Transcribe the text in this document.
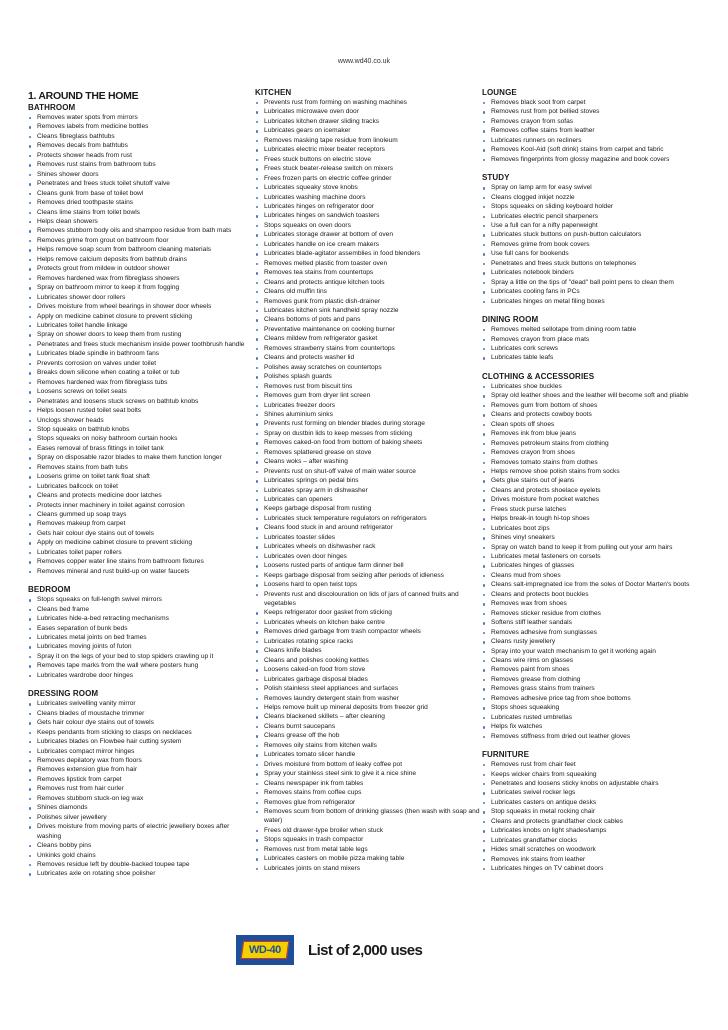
www.wd40.co.uk
1. AROUND THE HOME
BATHROOM
Removes water spots from mirrors
Removes labels from medicine bottles
Cleans fibreglass bathtubs
Removes decals from bathtubs
Protects shower heads from rust
Removes rust stains from bathroom tubs
Shines shower doors
Penetrates and frees stuck toilet shutoff valve
Cleans gunk from base of toilet bowl
Removes dried toothpaste stains
Cleans lime stains from toilet bowls
Helps clean showers
Removes stubborn body oils and shampoo residue from bath mats
Removes grime from grout on bathroom floor
Helps remove soap scum from bathroom cleaning materials
Helps remove calcium deposits from bathtub drains
Protects grout from mildew in outdoor shower
Removes hardened wax from fibreglass showers
Spray on bathroom mirror to keep it from fogging
Lubricates shower door rollers
Drives moisture from wheel bearings in shower door wheels
Apply on medicine cabinet closure to prevent sticking
Lubricates toilet handle linkage
Spray on shower doors to keep them from rusting
Penetrates and frees stuck mechanism inside power toothbrush handle
Lubricates blade spindle in bathroom fans
Prevents corrosion on valves under toilet
Breaks down silicone when coating a toilet or tub
Removes hardened wax from fibreglass tubs
Loosens screws on toilet seats
Penetrates and loosens stuck screws on bathtub knobs
Helps loosen rusted toilet seat bolts
Unclogs shower heads
Stop squeaks on bathtub knobs
Stops squeaks on noisy bathroom curtain hooks
Eases removal of brass fittings in toilet tank
Spray on disposable razor blades to make them function longer
Removes stains from bath tubs
Loosens grime on toilet tank float shaft
Lubricates ballcock on toilet
Cleans and protects medicine door latches
Protects inner machinery in toilet against corrosion
Cleans gummed up soap trays
Removes makeup from carpet
Gets hair colour dye stains out of towels
Apply on medicine cabinet closure to prevent sticking
Lubricates toilet paper rollers
Removes copper water line stains from bathroom fixtures
Removes mineral and rust build-up on water faucets
BEDROOM
Stops squeaks on full-length swivel mirrors
Cleans bed frame
Lubricates hide-a-bed retracting mechanisms
Eases separation of bunk beds
Lubricates metal joints on bed frames
Lubricates moving joints of futon
Spray it on the legs of your bed to stop spiders crawling up it
Removes tape marks from the wall where posters hung
Lubricates wardrobe door hinges
DRESSING ROOM
Lubricates swivelling vanity mirror
Cleans blades of moustache trimmer
Gets hair colour dye stains out of towels
Keeps pendants from sticking to clasps on necklaces
Lubricates blades on Flowbee hair cutting system
Lubricates compact mirror hinges
Removes depilatory wax from floors
Removes extension glue from hair
Removes lipstick from carpet
Removes rust from hair curler
Removes stubborn stuck-on leg wax
Shines diamonds
Polishes silver jewellery
Drives moisture from moving parts of electric jewellery boxes after washing
Cleans bobby pins
Unkinks gold chains
Removes residue left by double-backed toupee tape
Lubricates axle on rotating shoe polisher
KITCHEN
Prevents rust from forming on washing machines
Lubricates microwave oven door
Lubricates kitchen drawer sliding tracks
Lubricates gears on icemaker
Removes masking tape residue from linoleum
Lubricates electric mixer beater receptors
Frees stuck buttons on electric stove
Frees stuck beater-release switch on mixers
Frees frozen parts on electric coffee grinder
Lubricates squeaky stove knobs
Lubricates washing machine doors
Lubricates hinges on refrigerator door
Lubricates hinges on sandwich toasters
Stops squeaks on oven doors
Lubricates storage drawer at bottom of oven
Lubricates handle on ice cream makers
Lubricates blade-agitator assemblies in food blenders
Removes melted plastic from toaster oven
Removes tea stains from countertops
Cleans and protects antique kitchen tools
Cleans old muffin tins
Removes gunk from plastic dish-drainer
Lubricates kitchen sink handheld spray nozzle
Cleans bottoms of pots and pans
Preventative maintenance on cooking burner
Cleans mildew from refrigerator gasket
Removes strawberry stains from countertops
Cleans and protects washer lid
Polishes away scratches on countertops
Polishes splash guards
Removes rust from biscuit tins
Removes gum from dryer lint screen
Lubricates freezer doors
Shines aluminium sinks
Prevents rust forming on blender blades during storage
Spray on dustbin lids to keep messes from sticking
Removes caked-on food from bottom of baking sheets
Removes splattered grease on stove
Cleans woks – after washing
Prevents rust on shut-off valve of main water source
Lubricates springs on pedal bins
Lubricates spray arm in dishwasher
Lubricates can openers
Keeps garbage disposal from rusting
Lubricates stuck temperature regulators on refrigerators
Cleans food stuck in and around refrigerator
Lubricates toaster slides
Lubricates wheels on dishwasher rack
Lubricates oven door hinges
Loosens rusted parts of antique farm dinner bell
Keeps garbage disposal from seizing after periods of idleness
Loosens hard to open twist tops
Prevents rust and discolouration on lids of jars of canned fruits and vegetables
Keeps refrigerator door gasket from sticking
Lubricates wheels on kitchen bake centre
Removes dried garbage from trash compactor wheels
Lubricates rotating spice racks
Cleans knife blades
Cleans and polishes cooking kettles
Loosens caked-on food from stove
Lubricates garbage disposal blades
Polish stainless steel appliances and surfaces
Removes laundry detergent stain from washer
Helps remove built up mineral deposits from freezer grid
Cleans blackened skillets – after cleaning
Cleans burnt saucepans
Cleans grease off the hob
Removes oily stains from kitchen walls
Lubricates tomato slicer handle
Drives moisture from bottom of leaky coffee pot
Spray your stainless steel sink to give it a nice shine
Cleans newspaper ink from tables
Removes stains from coffee cups
Removes glue from refrigerator
Removes scum from bottom of drinking glasses (then wash with soap and water)
Frees old drawer-type broiler when stuck
Stops squeaks in trash compactor
Removes rust from metal table legs
Lubricates casters on mobile pizza making table
Lubricates joints on stand mixers
LOUNGE
Removes black soot from carpet
Removes rust from pot bellied stoves
Removes crayon from sofas
Removes coffee stains from leather
Lubricates runners on recliners
Removes Kool-Aid (soft drink) stains from carpet and fabric
Removes fingerprints from glossy magazine and book covers
STUDY
Spray on lamp arm for easy swivel
Cleans clogged inkjet nozzle
Stops squeaks on sliding keyboard holder
Lubricates electric pencil sharpeners
Use a full can for a nifty paperweight
Lubricates stuck buttons on push-button calculators
Removes grime from book covers
Use full cans for bookends
Penetrates and frees stuck buttons on telephones
Lubricates notebook binders
Spray a little on the tips of "dead" ball point pens to clean them
Lubricates cooling fans in PCs
Lubricates hinges on metal filing boxes
DINING ROOM
Removes melted sellotape from dining room table
Removes crayon from place mats
Lubricates cork screws
Lubricates table leafs
CLOTHING & ACCESSORIES
Lubricates shoe buckles
Spray old leather shoes and the leather will become soft and pliable
Removes gum from bottom of shoes
Cleans and protects cowboy boots
Clean spots off shoes
Removes ink from blue jeans
Removes petroleum stains from clothing
Removes crayon from shoes
Removes tomato stains from clothes
Helps remove shoe polish stains from socks
Gets glue stains out of jeans
Cleans and protects shoelace eyelets
Drives moisture from pocket watches
Frees stuck purse latches
Helps break-in tough hi-top shoes
Lubricates boot zips
Shines vinyl sneakers
Spray on watch band to keep it from pulling out your arm hairs
Lubricates metal fasteners on corsets
Lubricates hinges of glasses
Cleans mud from shoes
Cleans salt-impregnated ice from the soles of Doctor Marten's boots
Cleans and protects boot buckles
Removes wax from shoes
Removes sticker residue from clothes
Softens stiff leather sandals
Removes adhesive from sunglasses
Cleans rusty jewellery
Spray into your watch mechanism to get it working again
Cleans wire rims on glasses
Removes paint from shoes
Removes grease from clothing
Removes grass stains from trainers
Removes adhesive price tag from shoe bottoms
Stops shoes squeaking
Lubricates rusted umbrellas
Helps fix watches
Removes stiffness from dried out leather gloves
FURNITURE
Removes rust from chair feet
Keeps wicker chairs from squeaking
Penetrates and loosens sticky knobs on adjustable chairs
Lubricates swivel rocker legs
Lubricates casters on antique desks
Stop squeaks in metal rocking chair
Cleans and protects grandfather clock cables
Lubricates knobs on light shades/lamps
Lubricates grandfather clocks
Hides small scratches on woodwork
Removes ink stains from leather
Lubricates hinges on TV cabinet doors
WD-40 List of 2,000 uses
